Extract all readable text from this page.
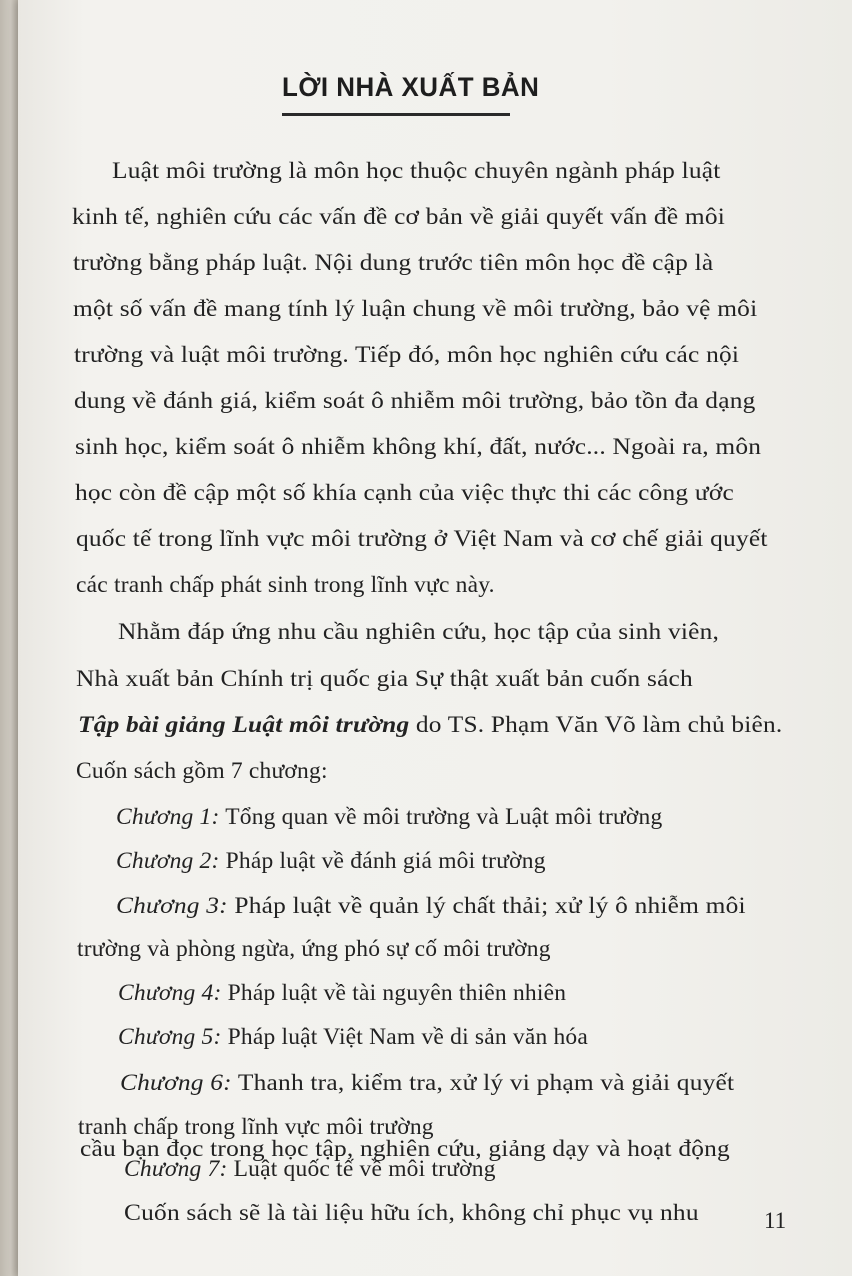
LỜI NHÀ XUẤT BẢN
Luật môi trường là môn học thuộc chuyên ngành pháp luật
kinh tế, nghiên cứu các vấn đề cơ bản về giải quyết vấn đề môi
trường bằng pháp luật. Nội dung trước tiên môn học đề cập là
một số vấn đề mang tính lý luận chung về môi trường, bảo vệ môi
trường và luật môi trường. Tiếp đó, môn học nghiên cứu các nội
dung về đánh giá, kiểm soát ô nhiễm môi trường, bảo tồn đa dạng
sinh học, kiểm soát ô nhiễm không khí, đất, nước... Ngoài ra, môn
học còn đề cập một số khía cạnh của việc thực thi các công ước
quốc tế trong lĩnh vực môi trường ở Việt Nam và cơ chế giải quyết
các tranh chấp phát sinh trong lĩnh vực này.
Nhằm đáp ứng nhu cầu nghiên cứu, học tập của sinh viên,
Nhà xuất bản Chính trị quốc gia Sự thật xuất bản cuốn sách
Tập bài giảng Luật môi trường do TS. Phạm Văn Võ làm chủ biên.
Cuốn sách gồm 7 chương:
Chương 1: Tổng quan về môi trường và Luật môi trường
Chương 2: Pháp luật về đánh giá môi trường
Chương 3: Pháp luật về quản lý chất thải; xử lý ô nhiễm môi
trường và phòng ngừa, ứng phó sự cố môi trường
Chương 4: Pháp luật về tài nguyên thiên nhiên
Chương 5: Pháp luật Việt Nam về di sản văn hóa
Chương 6: Thanh tra, kiểm tra, xử lý vi phạm và giải quyết
tranh chấp trong lĩnh vực môi trường
Chương 7: Luật quốc tế về môi trường
Cuốn sách sẽ là tài liệu hữu ích, không chỉ phục vụ nhu
cầu bạn đọc trong học tập, nghiên cứu, giảng dạy và hoạt động
11
